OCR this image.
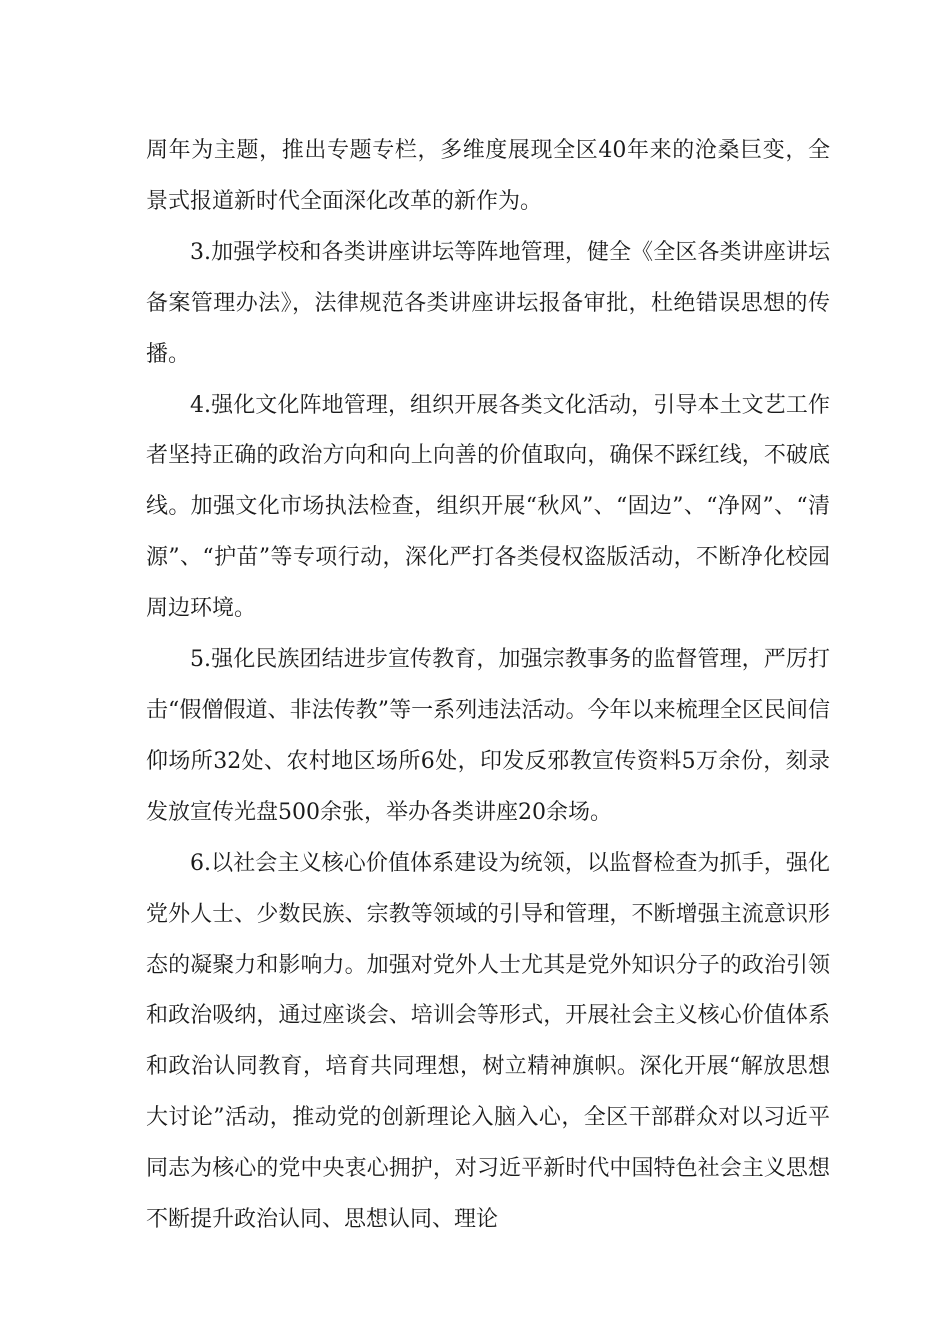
周年为主题，推出专题专栏，多维度展现全区40年来的沧桑巨变，全景式报道新时代全面深化改革的新作为。

3.加强学校和各类讲座讲坛等阵地管理，健全《全区各类讲座讲坛备案管理办法》，法律规范各类讲座讲坛报备审批，杜绝错误思想的传播。

4.强化文化阵地管理，组织开展各类文化活动，引导本土文艺工作者坚持正确的政治方向和向上向善的价值取向，确保不踩红线，不破底线。加强文化市场执法检查，组织开展“秋风”、“固边”、“净网”、“清源”、“护苗”等专项行动，深化严打各类侵权盗版活动，不断净化校园周边环境。

5.强化民族团结进步宣传教育，加强宗教事务的监督管理，严厉打击“假僧假道、非法传教”等一系列违法活动。今年以来梳理全区民间信仰场所32处、农村地区场所6处，印发反邪教宣传资料5万余份，刻录发放宣传光盘500余张，举办各类讲座20余场。

6.以社会主义核心价值体系建设为统领，以监督检查为抓手，强化党外人士、少数民族、宗教等领域的引导和管理，不断增强主流意识形态的凝聚力和影响力。加强对党外人士尤其是党外知识分子的政治引领和政治吸纳，通过座谈会、培训会等形式，开展社会主义核心价值体系和政治认同教育，培育共同理想，树立精神旗帜。深化开展“解放思想大讨论”活动，推动党的创新理论入脑入心，全区干部群众对以习近平同志为核心的党中央衷心拥护，对习近平新时代中国特色社会主义思想不断提升政治认同、思想认同、理论
